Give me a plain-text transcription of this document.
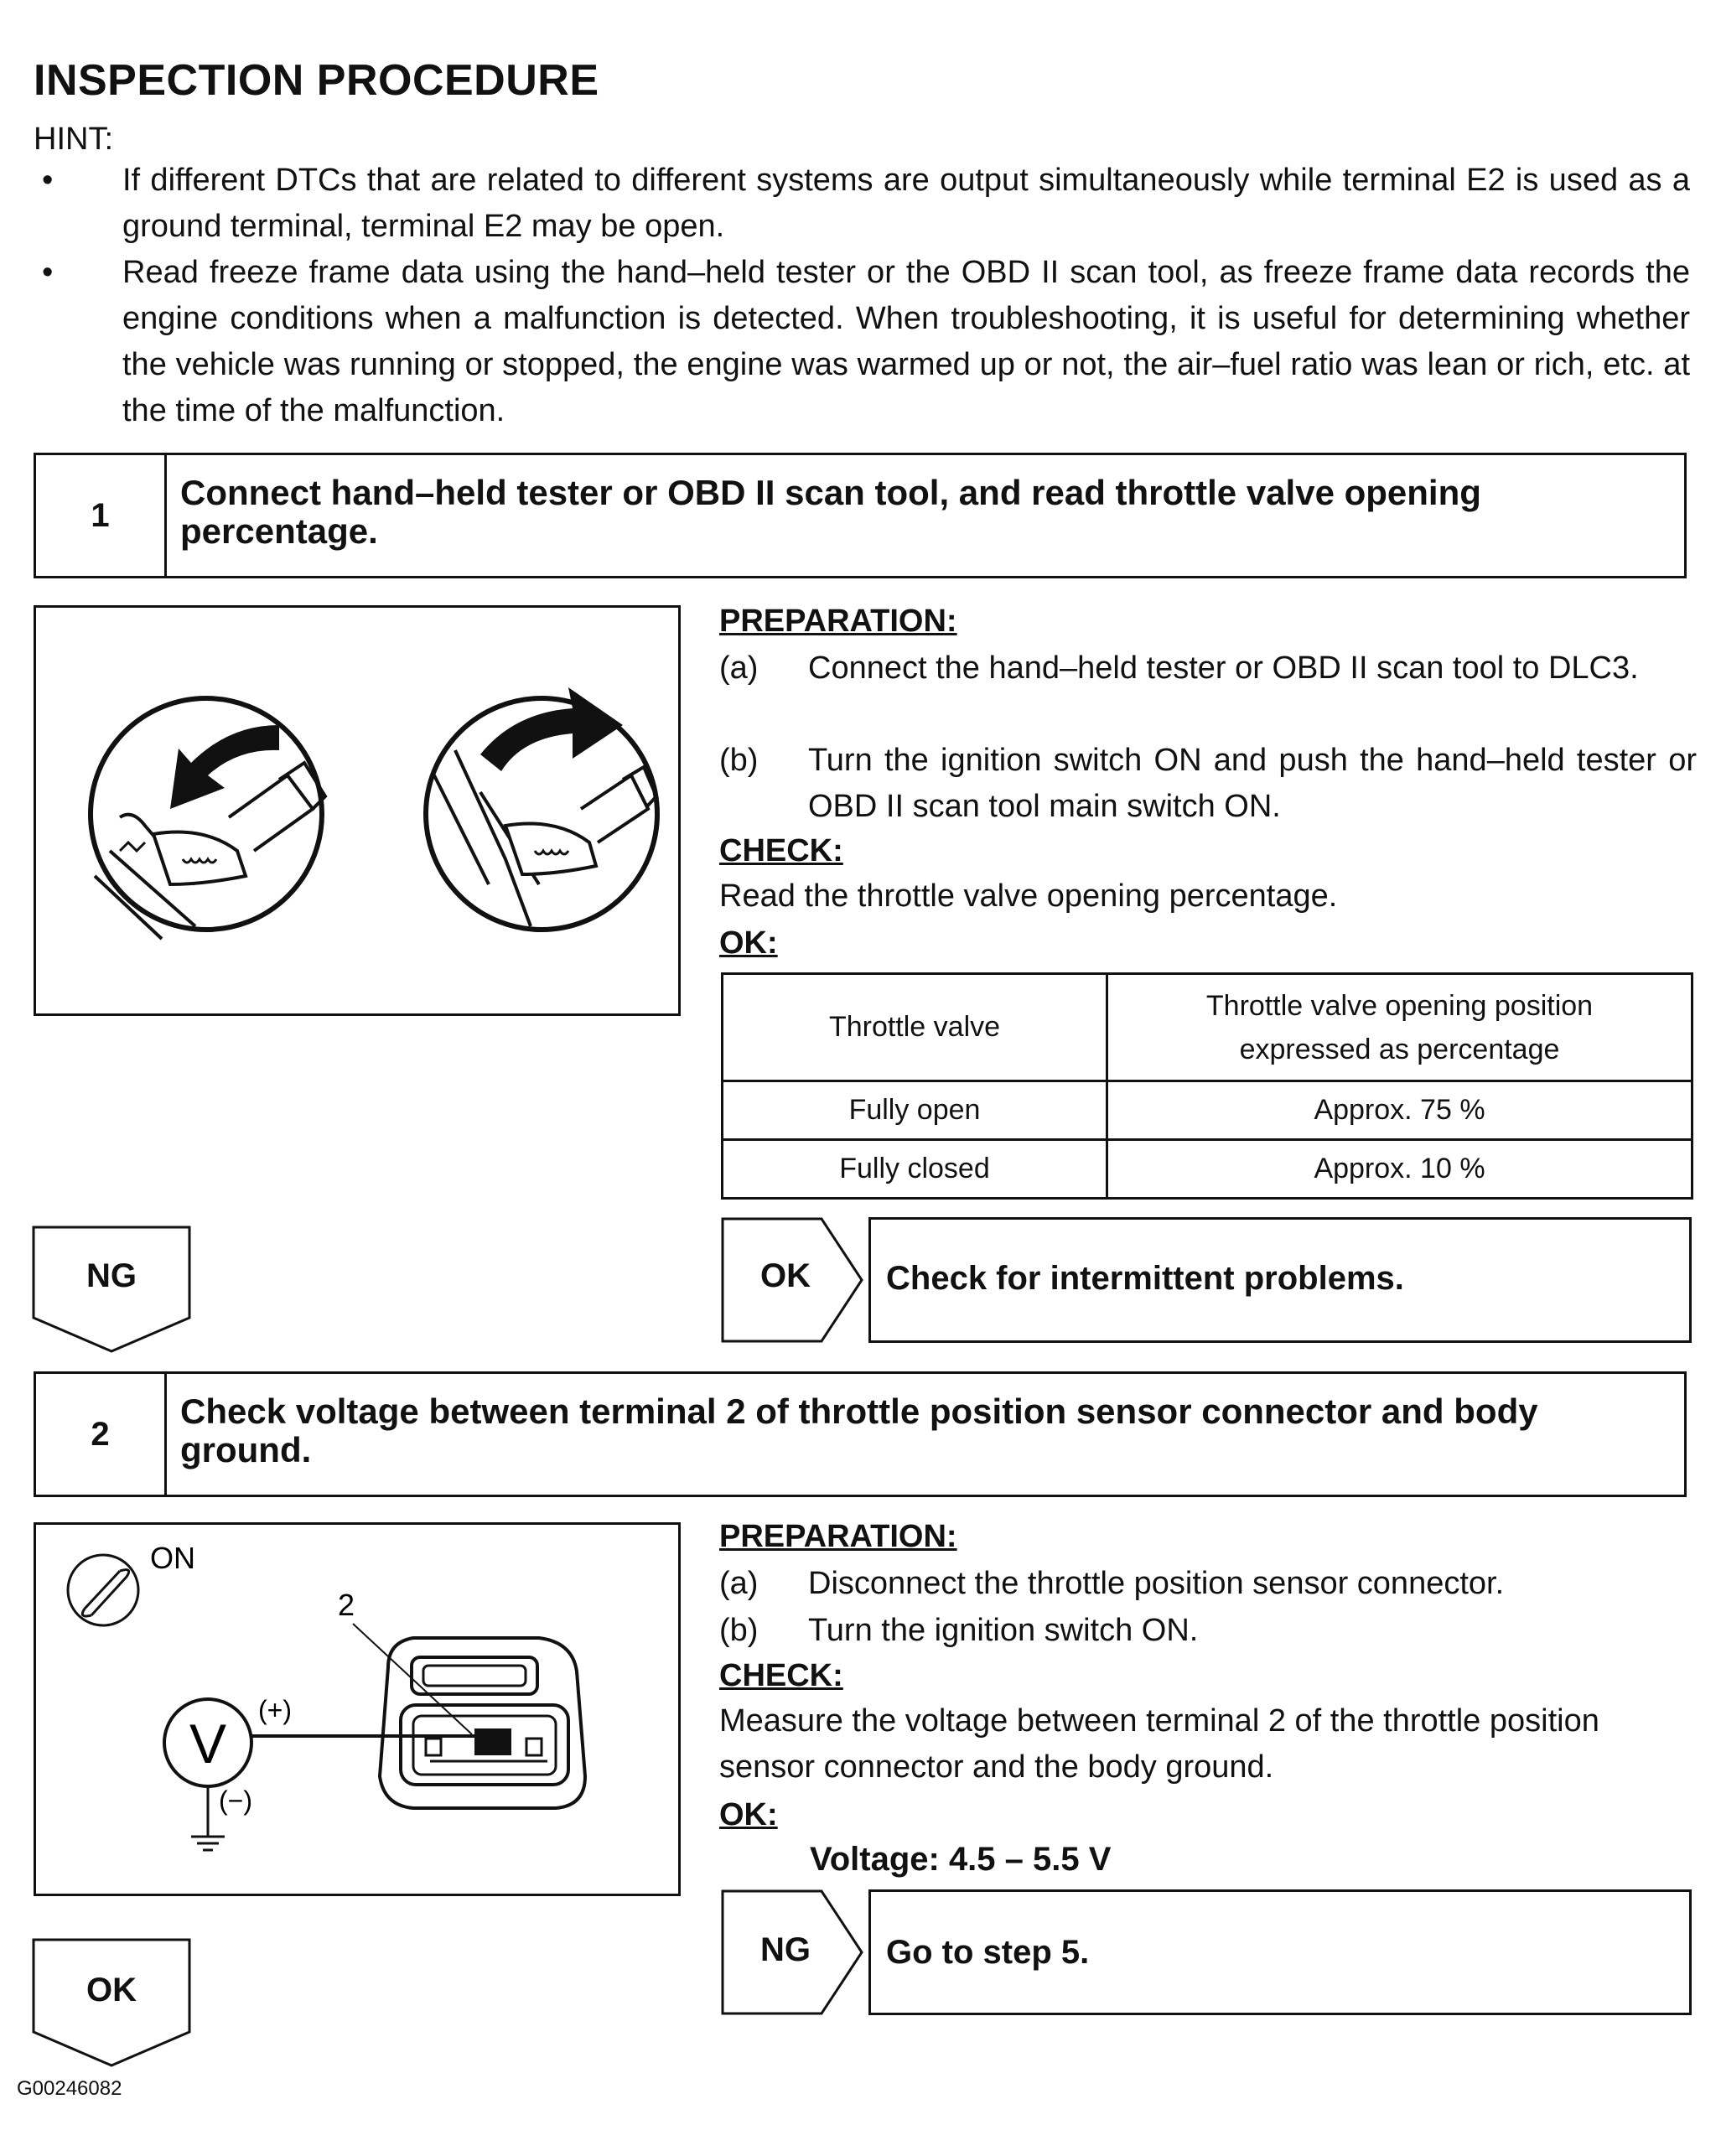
INSPECTION PROCEDURE
HINT:
• If different DTCs that are related to different systems are output simultaneously while terminal E2 is used as a ground terminal, terminal E2 may be open.
• Read freeze frame data using the hand–held tester or the OBD II scan tool, as freeze frame data records the engine conditions when a malfunction is detected. When troubleshooting, it is useful for determining whether the vehicle was running or stopped, the engine was warmed up or not, the air–fuel ratio was lean or rich, etc. at the time of the malfunction.
1
Connect hand–held tester or OBD II scan tool, and read throttle valve opening percentage.
PREPARATION:
(a) Connect the hand–held tester or OBD II scan tool to DLC3.
(b) Turn the ignition switch ON and push the hand–held tester or OBD II scan tool main switch ON.
CHECK:
Read the throttle valve opening percentage.
OK:
Throttle valve	Throttle valve opening position expressed as percentage
Fully open	Approx. 75 %
Fully closed	Approx. 10 %
NG	OK	Check for intermittent problems.
2
Check voltage between terminal 2 of throttle position sensor connector and body ground.
ON
2
V
(+)
(−)
PREPARATION:
(a) Disconnect the throttle position sensor connector.
(b) Turn the ignition switch ON.
CHECK:
Measure the voltage between terminal 2 of the throttle position sensor connector and the body ground.
OK:
Voltage: 4.5 – 5.5 V
NG	Go to step 5.
OK
G00246082
